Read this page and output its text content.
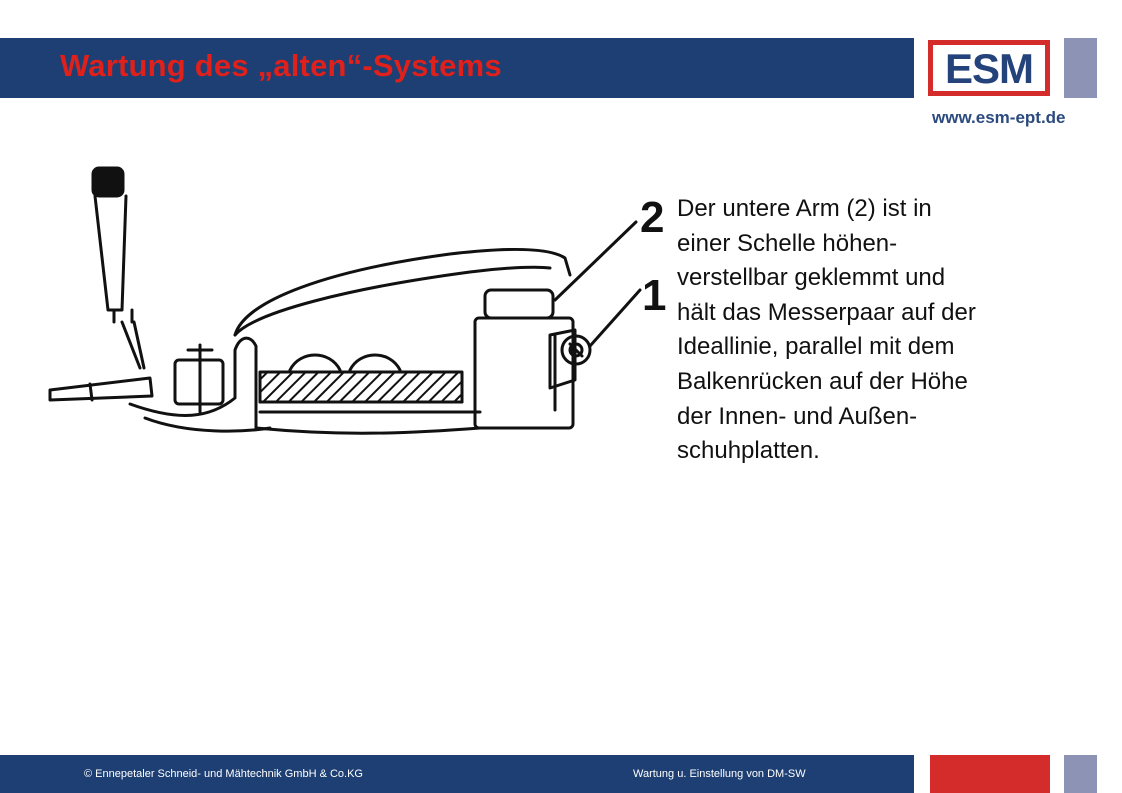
Wartung des „alten“-Systems	ESM
www.esm-ept.de
2
1
Der untere Arm (2) ist in
einer Schelle höhen-
verstellbar geklemmt und
hält das Messerpaar auf der
Ideallinie, parallel mit dem
Balkenrücken auf der Höhe
der Innen- und Außen-
schuhplatten.
© Ennepetaler Schneid- und Mähtechnik GmbH & Co.KG	Wartung u. Einstellung von DM-SW
